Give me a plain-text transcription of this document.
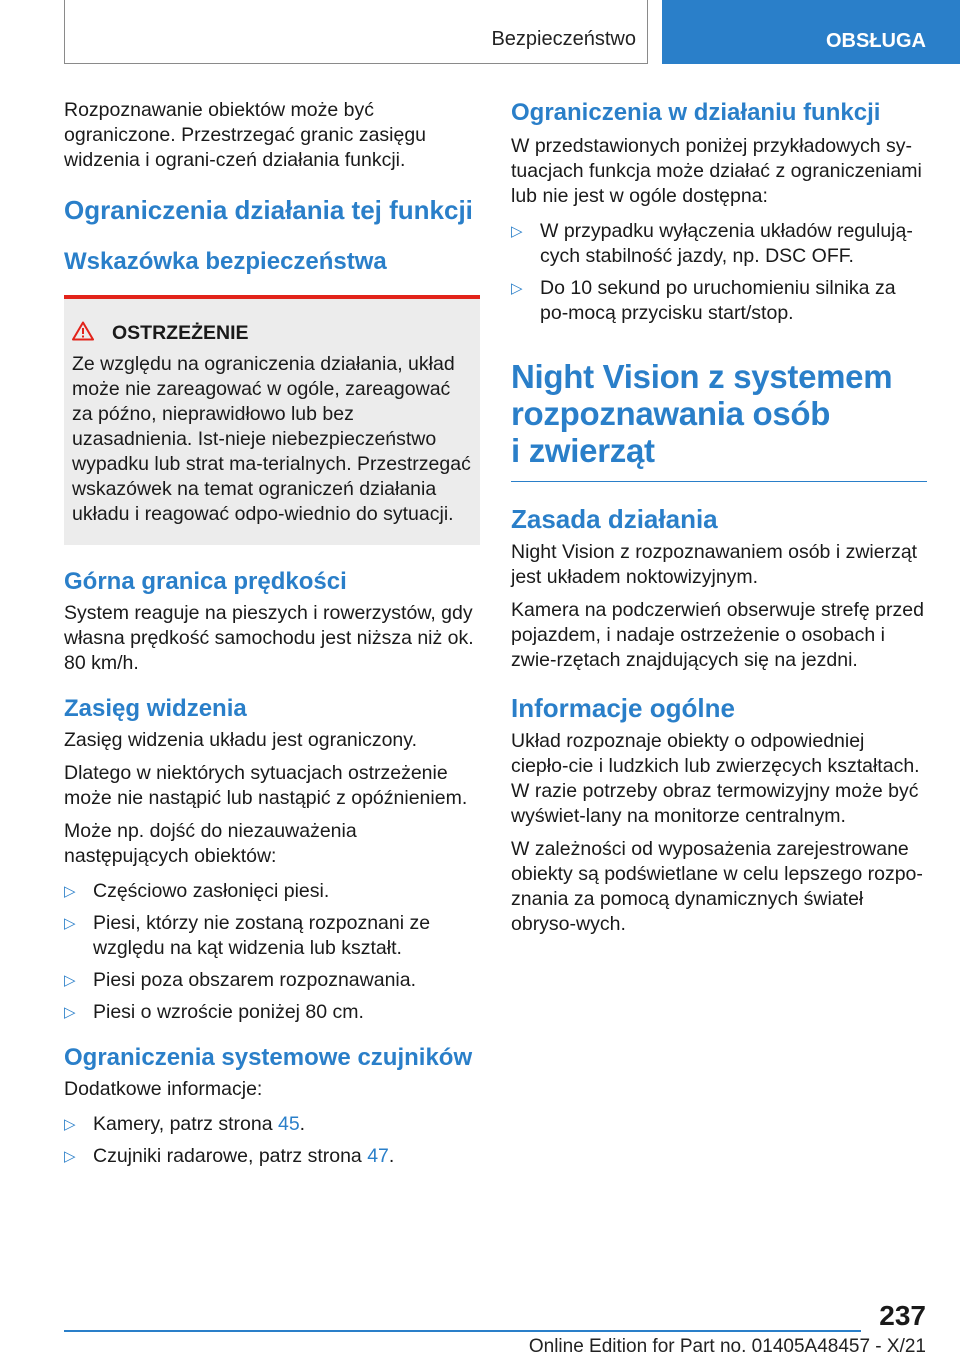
Bezpieczeństwo	OBSŁUGA

Rozpoznawanie obiektów może być ograniczone. Przestrzegać granic zasięgu widzenia i ograni-czeń działania funkcji.

Ograniczenia działania tej funkcji
Wskazówka bezpieczeństwa
OSTRZEŻENIE

Ze względu na ograniczenia działania, układ może nie zareagować w ogóle, zareagować za późno, nieprawidłowo lub bez uzasadnienia. Ist-nieje niebezpieczeństwo wypadku lub strat ma-terialnych. Przestrzegać wskazówek na temat ograniczeń działania układu i reagować odpo-wiednio do sytuacji.

Górna granica prędkości

System reaguje na pieszych i rowerzystów, gdy własna prędkość samochodu jest niższa niż ok. 80 km/h.

Zasięg widzenia

Zasięg widzenia układu jest ograniczony.

Dlatego w niektórych sytuacjach ostrzeżenie może nie nastąpić lub nastąpić z opóźnieniem.

Może np. dojść do niezauważenia następujących obiektów:

▷ Częściowo zasłonięci piesi.
▷ Piesi, którzy nie zostaną rozpoznani ze względu na kąt widzenia lub kształt.
▷ Piesi poza obszarem rozpoznawania.
▷ Piesi o wzroście poniżej 80 cm.
Ograniczenia systemowe czujników

Dodatkowe informacje:

▷ Kamery, patrz strona 45.
▷ Czujniki radarowe, patrz strona 47.
Ograniczenia w działaniu funkcji

W przedstawionych poniżej przykładowych sy-tuacjach funkcja może działać z ograniczeniami lub nie jest w ogóle dostępna:

▷ W przypadku wyłączenia układów regulują-cych stabilność jazdy, np. DSC OFF.
▷ Do 10 sekund po uruchomieniu silnika za po-mocą przycisku start/stop.
Night Vision z systemem
rozpoznawania osób
i zwierząt
Zasada działania

Night Vision z rozpoznawaniem osób i zwierząt jest układem noktowizyjnym.

Kamera na podczerwień obserwuje strefę przed pojazdem, i nadaje ostrzeżenie o osobach i zwie-rzętach znajdujących się na jezdni.

Informacje ogólne

Układ rozpoznaje obiekty o odpowiedniej ciepło-cie i ludzkich lub zwierzęcych kształtach. W razie potrzeby obraz termowizyjny może być wyświet-lany na monitorze centralnym.

W zależności od wyposażenia zarejestrowane obiekty są podświetlane w celu lepszego rozpo-znania za pomocą dynamicznych świateł obryso-wych.

237
Online Edition for Part no. 01405A48457 - X/21
